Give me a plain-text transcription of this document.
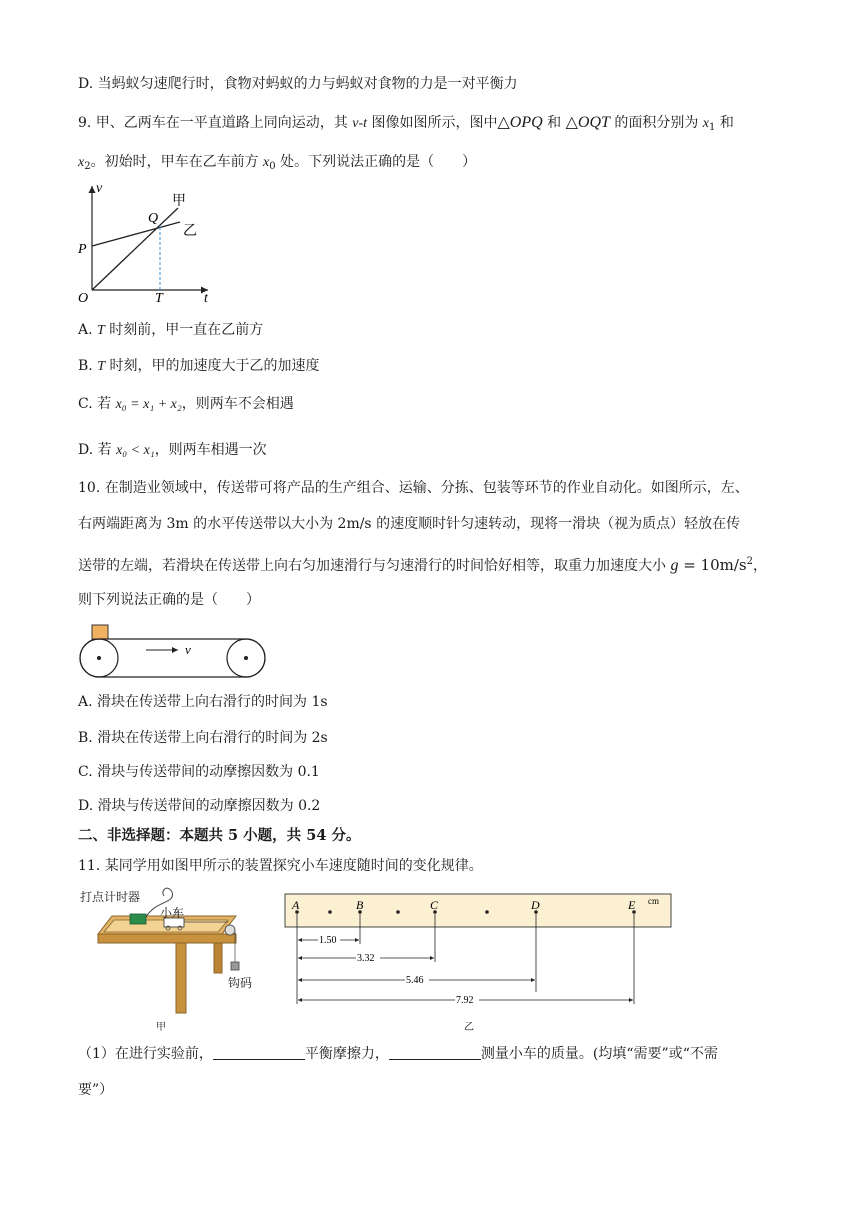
D. 当蚂蚁匀速爬行时，食物对蚂蚁的力与蚂蚁对食物的力是一对平衡力
9. 甲、乙两车在一平直道路上同向运动，其 v-t 图像如图所示，图中△OPQ 和 △OQT 的面积分别为 $x_1$ 和
$x_2$。初始时，甲车在乙车前方 $x_0$ 处。下列说法正确的是（　　）
v
t
O
P
Q
T
甲
乙
A. T 时刻前，甲一直在乙前方
B. T 时刻，甲的加速度大于乙的加速度
C. 若 x₀ = x₁ + x₂，则两车不会相遇
D. 若 x₀ < x₁，则两车相遇一次
10. 在制造业领域中，传送带可将产品的生产组合、运输、分拣、包装等环节的作业自动化。如图所示，左、
右两端距离为 3m 的水平传送带以大小为 2m/s 的速度顺时针匀速转动，现将一滑块（视为质点）轻放在传
送带的左端，若滑块在传送带上向右匀加速滑行与匀速滑行的时间恰好相等，取重力加速度大小 $g = 10m/s^2$，
则下列说法正确的是（　　）
v
A. 滑块在传送带上向右滑行的时间为 1s
B. 滑块在传送带上向右滑行的时间为 2s
C. 滑块与传送带间的动摩擦因数为 0.1
D. 滑块与传送带间的动摩擦因数为 0.2
二、非选择题：本题共 5 小题，共 54 分。
11. 某同学用如图甲所示的装置探究小车速度随时间的变化规律。
打点计时器
小车
钩码
甲
A	B	C	D	E cm
1.50
3.32
5.46
7.92
乙
（1）在进行实验前，	平衡摩擦力，	测量小车的质量。(均填“需要”或“不需
要”）
